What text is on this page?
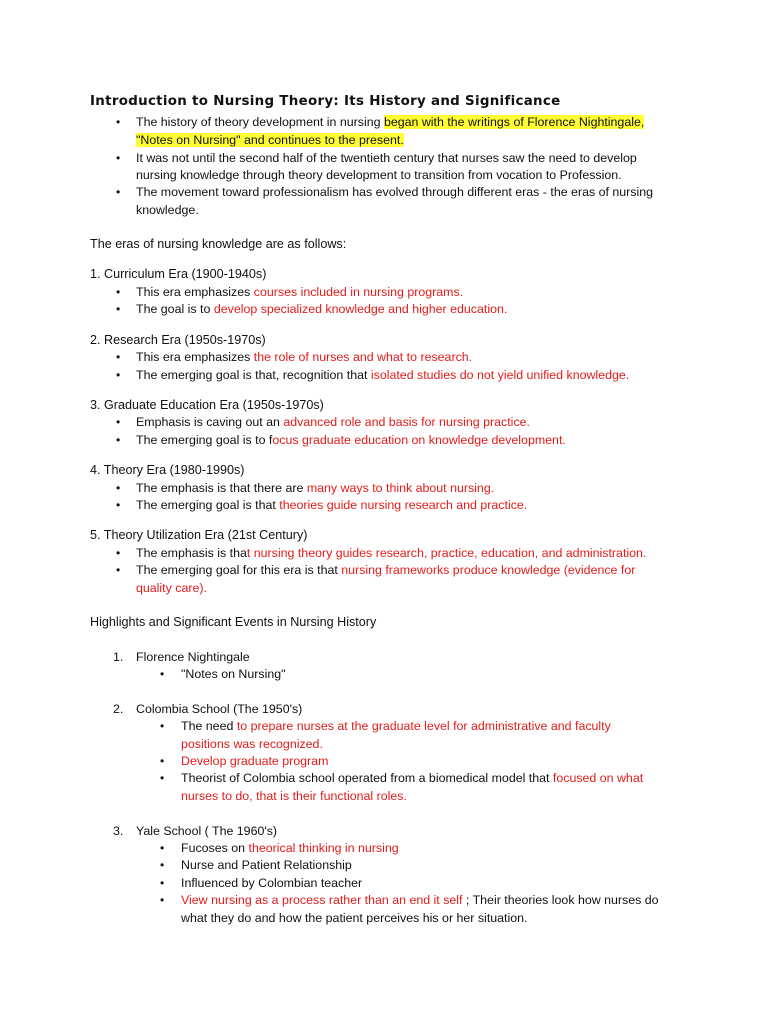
Introduction to Nursing Theory: Its History and Significance
• The history of theory development in nursing began with the writings of Florence Nightingale,
"Notes on Nursing" and continues to the present.
• It was not until the second half of the twentieth century that nurses saw the need to develop
nursing knowledge through theory development to transition from vocation to Profession.
• The movement toward professionalism has evolved through different eras - the eras of nursing
knowledge.
The eras of nursing knowledge are as follows:
1. Curriculum Era (1900-1940s)
• This era emphasizes courses included in nursing programs.
• The goal is to develop specialized knowledge and higher education.
2. Research Era (1950s-1970s)
• This era emphasizes the role of nurses and what to research.
• The emerging goal is that, recognition that isolated studies do not yield unified knowledge.
3. Graduate Education Era (1950s-1970s)
• Emphasis is caving out an advanced role and basis for nursing practice.
• The emerging goal is to focus graduate education on knowledge development.
4. Theory Era (1980-1990s)
• The emphasis is that there are many ways to think about nursing.
• The emerging goal is that theories guide nursing research and practice.
5. Theory Utilization Era (21st Century)
• The emphasis is that nursing theory guides research, practice, education, and administration.
• The emerging goal for this era is that nursing frameworks produce knowledge (evidence for
quality care).
Highlights and Significant Events in Nursing History
1. Florence Nightingale
• "Notes on Nursing"
2. Colombia School (The 1950's)
• The need to prepare nurses at the graduate level for administrative and faculty
positions was recognized.
• Develop graduate program
• Theorist of Colombia school operated from a biomedical model that focused on what
nurses to do, that is their functional roles.
3. Yale School ( The 1960's)
• Fucoses on theorical thinking in nursing
• Nurse and Patient Relationship
• Influenced by Colombian teacher
• View nursing as a process rather than an end it self ; Their theories look how nurses do
what they do and how the patient perceives his or her situation.
